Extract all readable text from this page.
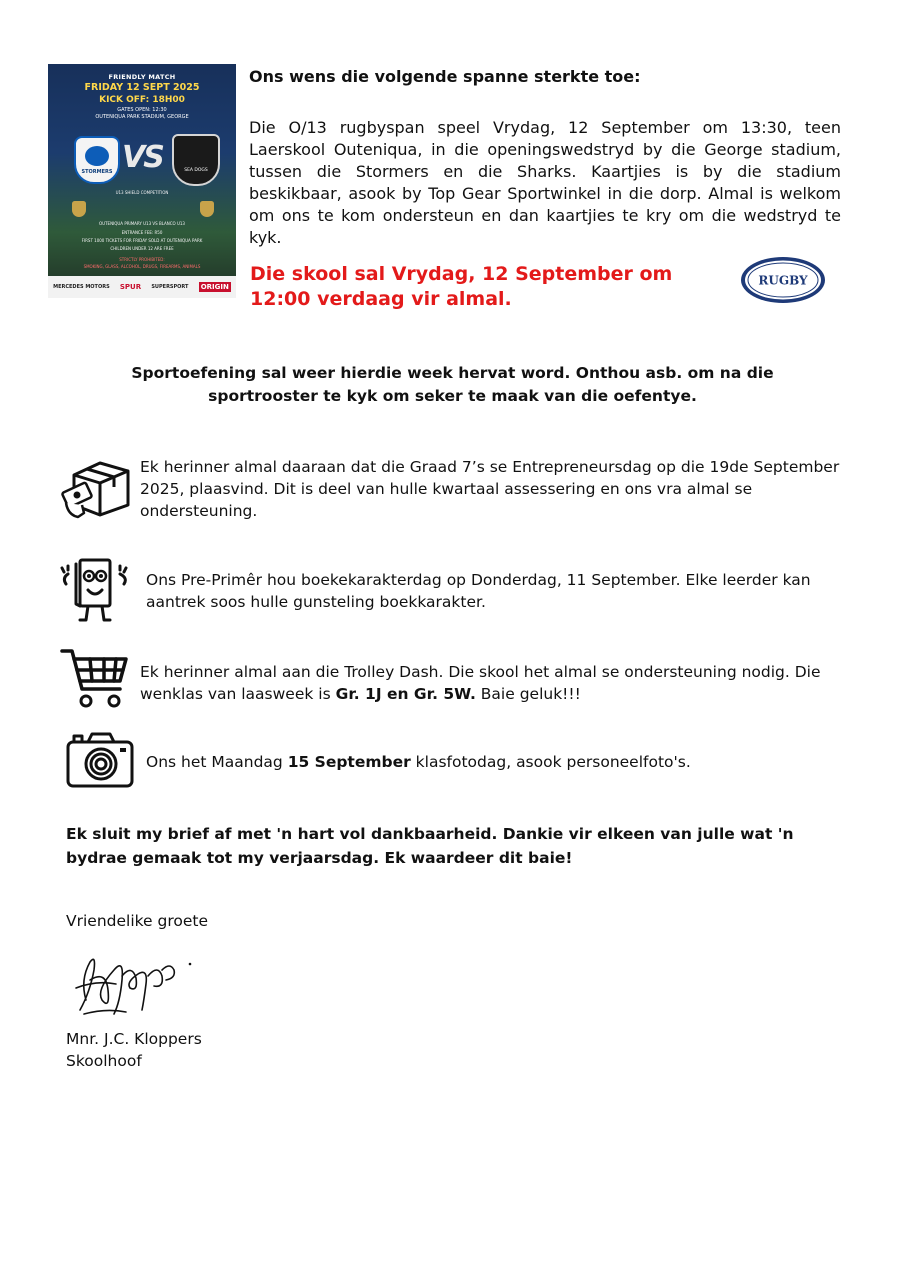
FRIENDLY MATCH
FRIDAY 12 SEPT 2025
KICK OFF: 18H00
GATES OPEN: 12:30
OUTENIQUA PARK STADIUM, GEORGE
STORMERS VS	SEA DOGS
U13 SHIELD COMPETITION
OUTENIQUA PRIMARY U13 VS BLANCO U13
ENTRANCE FEE: R50
FIRST 1000 TICKETS FOR FRIDAY SOLD AT OUTENIQUA PARK
CHILDREN UNDER 12 ARE FREE
STRICTLY PROHIBITED:
SMOKING, GLASS, ALCOHOL, DRUGS, FIREARMS, ANIMALS
MERCEDES MOTORS SPUR SUPERSPORT ORIGIN
Ons wens die volgende spanne sterkte toe:
Die O/13 rugbyspan speel Vrydag, 12 September om 13:30, teen Laerskool Outeniqua, in die openingswedstryd by die George stadium, tussen die Stormers en die Sharks. Kaartjies is by die stadium beskikbaar, asook by Top Gear Sportwinkel in die dorp. Almal is welkom om ons te kom ondersteun en dan kaartjies te kry om die wedstryd te kyk.
Die skool sal Vrydag, 12 September om 12:00 verdaag vir almal.
RUGBY
Sportoefening sal weer hierdie week hervat word. Onthou asb. om na die sportrooster te kyk om seker te maak van die oefentye.
Ek herinner almal daaraan dat die Graad 7’s se Entrepreneursdag op die 19de September 2025, plaasvind. Dit is deel van hulle kwartaal assessering en ons vra almal se ondersteuning.
Ons Pre-Primêr hou boekekarakterdag op Donderdag, 11 September. Elke leerder kan aantrek soos hulle gunsteling boekkarakter.
Ek herinner almal aan die Trolley Dash. Die skool het almal se ondersteuning nodig. Die wenklas van laasweek is Gr. 1J en Gr. 5W. Baie geluk!!!
Ons het Maandag 15 September klasfotodag, asook personeelfoto's.
Ek sluit my brief af met 'n hart vol dankbaarheid. Dankie vir elkeen van julle wat 'n bydrae gemaak tot my verjaarsdag. Ek waardeer dit baie!
Vriendelike groete
Mnr. J.C. Kloppers
Skoolhoof
